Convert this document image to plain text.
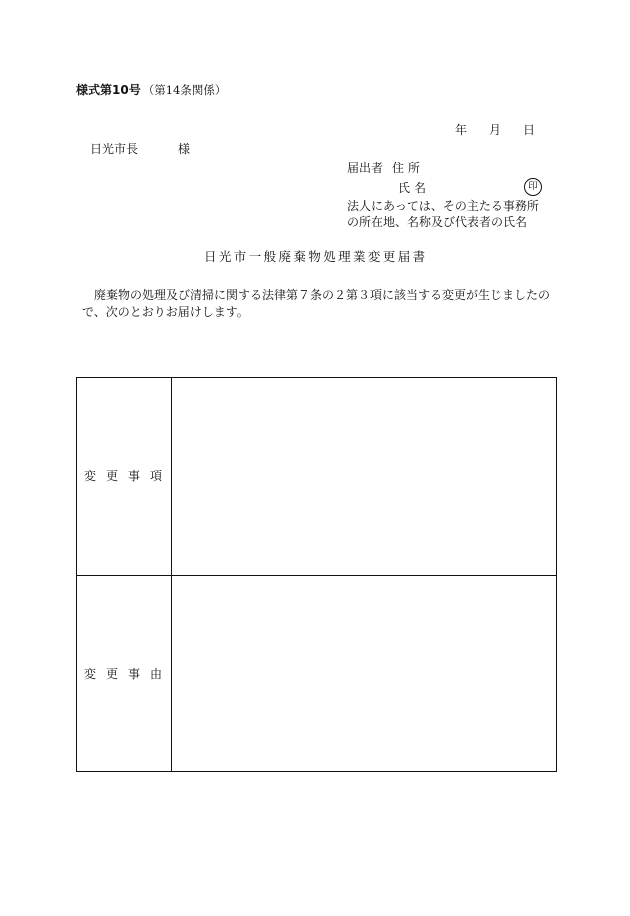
様式第10号 （第14条関係）
年 月 日
日光市長	様
届出者 住所
氏名	印
法人にあっては、その主たる事務所
の所在地、名称及び代表者の氏名
日光市一般廃棄物処理業変更届書
　廃棄物の処理及び清掃に関する法律第７条の２第３項に該当する変更が生じましたので、次のとおりお届けします。
変更事項
変更事由
